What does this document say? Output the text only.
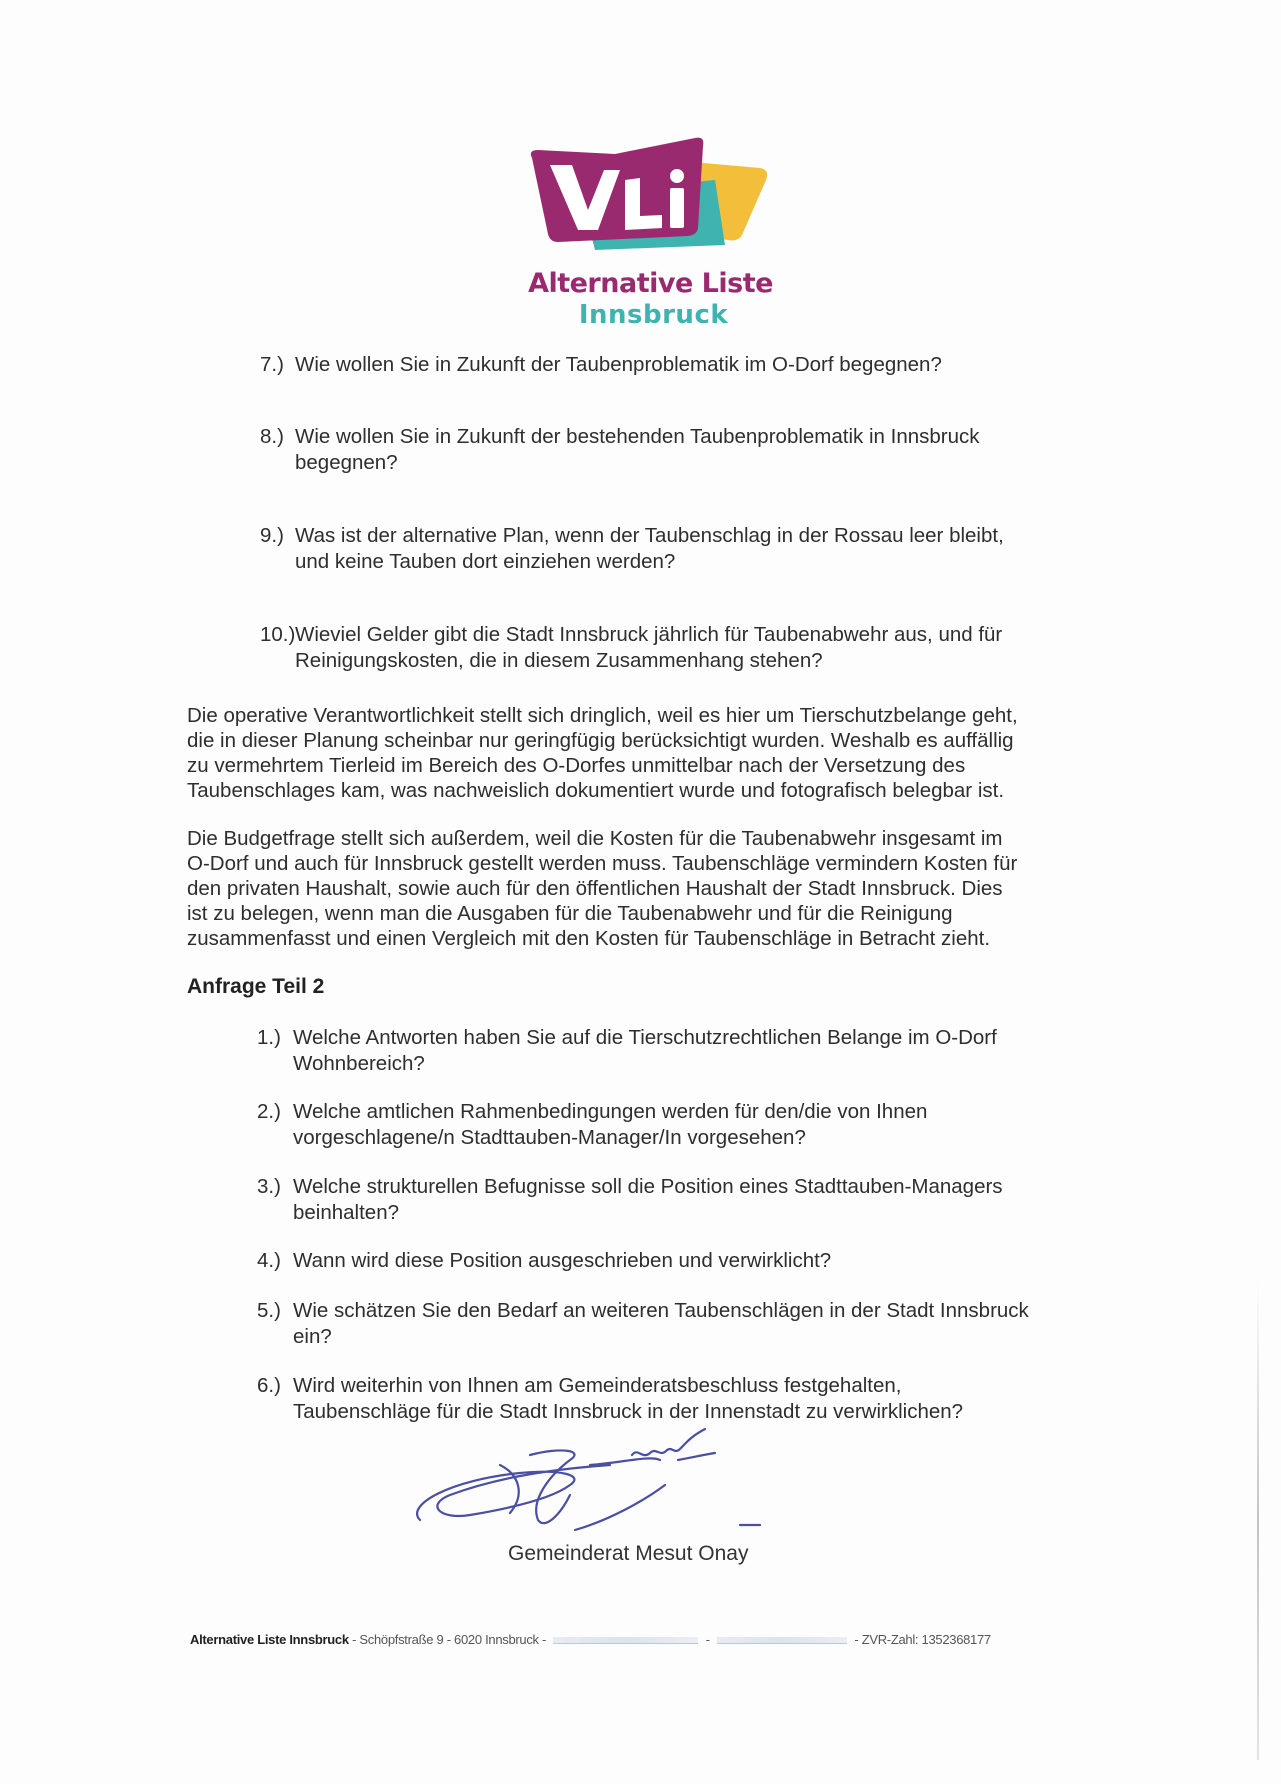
Alternative Liste
Innsbruck
7.) Wie wollen Sie in Zukunft der Taubenproblematik im O-Dorf begegnen?
8.) Wie wollen Sie in Zukunft der bestehenden Taubenproblematik in Innsbruck
begegnen?
9.) Was ist der alternative Plan, wenn der Taubenschlag in der Rossau leer bleibt,
und keine Tauben dort einziehen werden?
10.) Wieviel Gelder gibt die Stadt Innsbruck jährlich für Taubenabwehr aus, und für
Reinigungskosten, die in diesem Zusammenhang stehen?
Die operative Verantwortlichkeit stellt sich dringlich, weil es hier um Tierschutzbelange geht,
die in dieser Planung scheinbar nur geringfügig berücksichtigt wurden. Weshalb es auffällig
zu vermehrtem Tierleid im Bereich des O-Dorfes unmittelbar nach der Versetzung des
Taubenschlages kam, was nachweislich dokumentiert wurde und fotografisch belegbar ist.
Die Budgetfrage stellt sich außerdem, weil die Kosten für die Taubenabwehr insgesamt im
O-Dorf und auch für Innsbruck gestellt werden muss. Taubenschläge vermindern Kosten für
den privaten Haushalt, sowie auch für den öffentlichen Haushalt der Stadt Innsbruck. Dies
ist zu belegen, wenn man die Ausgaben für die Taubenabwehr und für die Reinigung
zusammenfasst und einen Vergleich mit den Kosten für Taubenschläge in Betracht zieht.
Anfrage Teil 2
1.) Welche Antworten haben Sie auf die Tierschutzrechtlichen Belange im O-Dorf
Wohnbereich?
2.) Welche amtlichen Rahmenbedingungen werden für den/die von Ihnen
vorgeschlagene/n Stadttauben-Manager/In vorgesehen?
3.) Welche strukturellen Befugnisse soll die Position eines Stadttauben-Managers
beinhalten?
4.) Wann wird diese Position ausgeschrieben und verwirklicht?
5.) Wie schätzen Sie den Bedarf an weiteren Taubenschlägen in der Stadt Innsbruck
ein?
6.) Wird weiterhin von Ihnen am Gemeinderatsbeschluss festgehalten,
Taubenschläge für die Stadt Innsbruck in der Innenstadt zu verwirklichen?
Gemeinderat Mesut Onay
Alternative Liste Innsbruck - Schöpfstraße 9 - 6020 Innsbruck -	-	- ZVR-Zahl: 1352368177
